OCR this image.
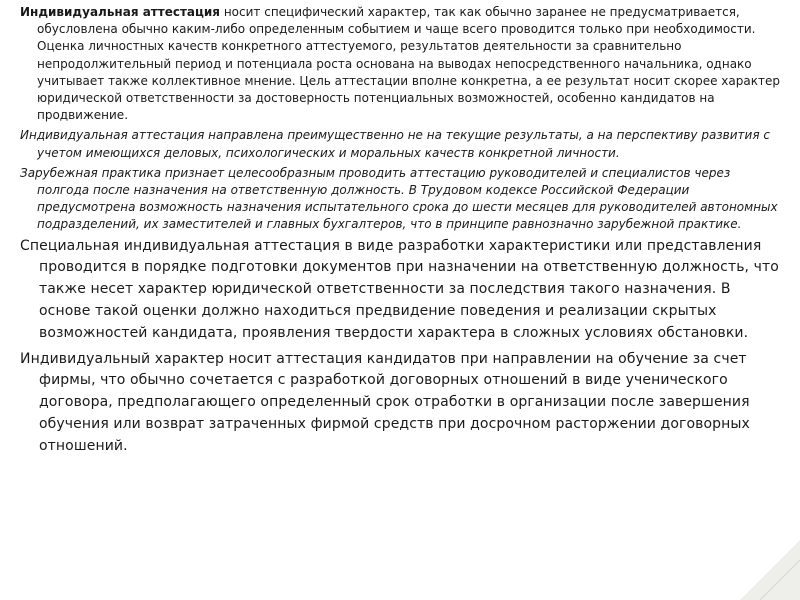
Индивидуальная аттестация носит специфический характер, так как обычно заранее не предусматривается, обусловлена обычно каким-либо определенным событием и чаще всего проводится только при необходимости. Оценка личностных качеств конкретного аттестуемого, результатов деятельности за сравнительно непродолжительный период и потенциала роста основана на выводах непосредственного начальника, однако учитывает также коллективное мнение. Цель аттестации вполне конкретна, а ее результат носит скорее характер юридической ответственности за достоверность потенциальных возможностей, особенно кандидатов на продвижение.

Индивидуальная аттестация направлена преимущественно не на текущие результаты, а на перспективу развития с учетом имеющихся деловых, психологических и моральных качеств конкретной личности.

Зарубежная практика признает целесообразным проводить аттестацию руководителей и специалистов через полгода после назначения на ответственную должность. В Трудовом кодексе Российской Федерации предусмотрена возможность назначения испытательного срока до шести месяцев для руководителей автономных подразделений, их заместителей и главных бухгалтеров, что в принципе равнозначно зарубежной практике.

Специальная индивидуальная аттестация в виде разработки характеристики или представления проводится в порядке подготовки документов при назначении на ответственную должность, что также несет характер юридической ответственности за последствия такого назначения. В основе такой оценки должно находиться предвидение поведения и реализации скрытых возможностей кандидата, проявления твердости характера в сложных условиях обстановки.

Индивидуальный характер носит аттестация кандидатов при направлении на обучение за счет фирмы, что обычно сочетается с разработкой договорных отношений в виде ученического договора, предполагающего определенный срок отработки в организации после завершения обучения или возврат затраченных фирмой средств при досрочном расторжении договорных отношений.
